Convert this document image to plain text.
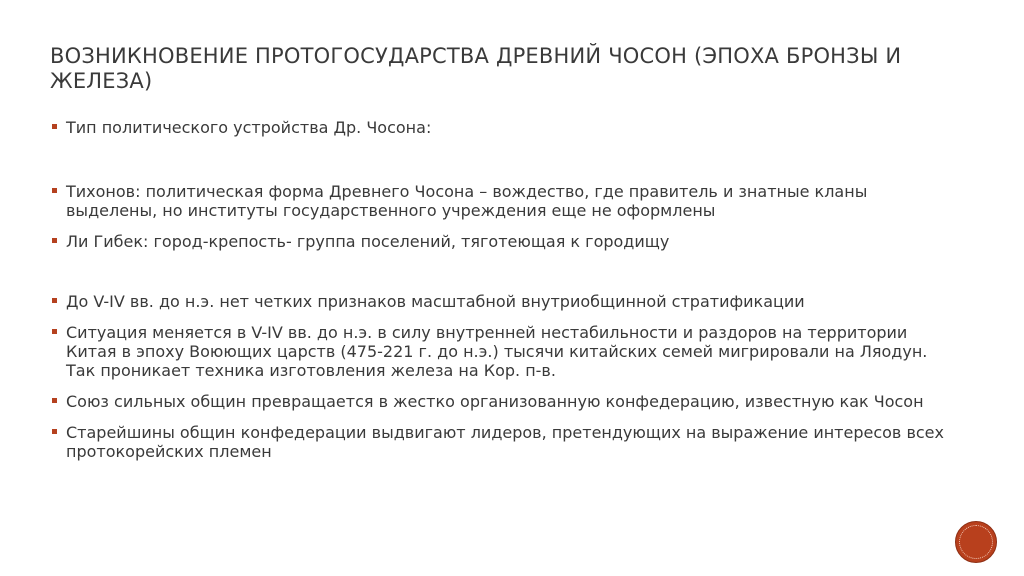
ВОЗНИКНОВЕНИЕ ПРОТОГОСУДАРСТВА ДРЕВНИЙ ЧОСОН (ЭПОХА БРОНЗЫ И ЖЕЛЕЗА)
Тип политического устройства Др. Чосона:
Тихонов: политическая форма Древнего Чосона – вождество, где правитель и знатные кланы выделены, но институты государственного учреждения еще не оформлены
Ли Гибек: город-крепость- группа поселений, тяготеющая к городищу
До V-IV вв. до н.э. нет четких признаков масштабной внутриобщинной стратификации
Ситуация меняется в V-IV вв. до н.э. в силу внутренней нестабильности и раздоров на территории Китая в эпоху Воюющих царств (475-221 г. до н.э.) тысячи китайских семей мигрировали на Ляодун. Так проникает техника изготовления железа на Кор. п-в.
Союз сильных общин превращается в жестко организованную конфедерацию, известную как Чосон
Старейшины общин конфедерации выдвигают лидеров, претендующих на выражение интересов всех протокорейских племен
